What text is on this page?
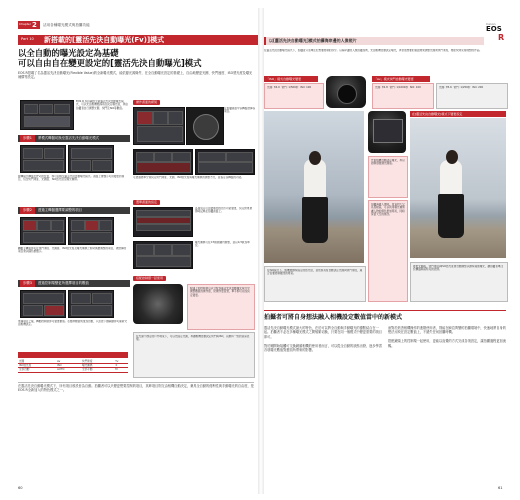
Chapter 2 活用各種曝光模式與拍攝功能
Part 10 新搭載的[靈活先決自動曝光(Fv)]模式
以全自動的曝光設定為基礎
可以自由自在變更設定的[靈活先決自動曝光]模式
EOS R搭載了名為靈活先決自動曝光(Flexible Value)的全新曝光模式，能依據光源條件，在全自動曝光設定的基礎上，自由地變更光圈、快門速度、ISO感光度及曝光補償等設定。
EOS R 所搭載的全新靈活先決自動曝光模式，可以先由相機根據亮度決定曝光值，再由拍攝者自行調整光圈、快門及ISO等數值。
步驟1 將模式轉盤切換至靈活先決自動曝光模式
旋轉模式轉盤至[Fv]的位置，即可切換至靈活先決自動曝光模式。畫面上會顯示可供變更的項目，包含快門速度、光圈值、ISO感光度及曝光補償。
步驟2 透過主轉盤選擇要調整的項目
轉動主轉盤即可在快門速度、光圈值、ISO感光度及曝光補償之間切換要調整的項目，被選擇的項目會以橘色框顯示。
步驟3 透過控制環變更所選擇項目的數值
選擇項目之後，轉動控制環即可變更數值。若要將數值恢復為自動，只需按下刪除鍵即可重新交由相機決定。
光圈	Av	快門速度	Tv
ISO感光度	ISO	曝光補償	±
全部自動	AUTO	全部手動	M
在靈活先決自動曝光模式下，所有項目預設皆為自動。拍攝者可以只變更想要控制的項目，其餘項目則交由相機自動決定，兼具全自動的便利性與手動曝光的自由度，是EOS R全新加入的特色模式之一。
操作畫面的樣貌
在拍攝畫面中以轉盤選擇各項目。
可透過選單分別設定快門速度、光圈、ISO感光度與曝光補償的調整方式，並指定各轉盤的功能。
選單畫面的設定
各項設定可由選單內的自訂功能變更，設定結果會即時反映在拍攝畫面上。
曝光補償可在±3級範圍內調整，並以1/3級為單位。
搭配控制環一起使用
鏡頭上的控制環可以分配為靈活先決自動曝光模式中調整數值的操作環，使操作更直覺，單手即可完成設定變更。
在光線不穩定的戶外場景下，可以先固定光圈，再讓相機自動決定快門與ISO，以維持一致的景深表現。
60
Canon
EOS
R
以[靈活先決自動曝光]模式拍攝海岸邊的人像照片
在靈活先決自動曝光模式下，拍攝者只需專注於想要控制的部分。以海岸邊的人像拍攝為例，先由相機自動決定曝光，再依照想要的畫面效果調整光圈或快門速度，便能快速完成理想的作品。
「ISO」模式自動曝光變更
光圈: f/4.0  快門: 1/500秒  ISO: 100
「Av」模式快門自動曝光變更
光圈: f/2.8  快門: 1/1000秒  ISO: 100	光圈: f/5.6  快門: 1/250秒  ISO: 200
先由相機自動決定曝光，再以控制環微調光圈值。
在[靈活先決自動曝光]模式下變更設定
在ISO模式下，相機會維持固定的感光度，並依照亮度自動決定光圈與快門速度，適合需要控制雜訊的場景。
拍攝海邊人像時，背景的天空亮度較高，可以利用曝光補償讓人物的膚色更加明亮，同時保留天空的層次。
變更光圈後，快門速度與ISO感光度會自動調整以維持適當曝光，讓拍攝者專注於構圖與模特兒的表情。
拍攝者可將自身想法融入相機設定數值當中的新模式
靈活先決自動曝光模式最大的特色，在於可以將全自動與手動曝光的優點結合在一起。拍攝者不必在多種曝光模式之間頻繁切換，只要在同一個模式中變更需要的項目即可。

對於剛開始接觸可交換鏡頭相機的使用者而言，可以從全自動的狀態出發，逐步學習各項曝光數值對畫面所帶來的影響。
而對於熟悉相機操作的進階使用者，則能在瞬息萬變的拍攝環境中，快速地將自身的想法反映在設定數值上，不錯失任何拍攝時機。

搭配鏡頭上的控制環一起使用，更能以直覺的方式完成各項設定，讓拍攝過程更加流暢。
61
